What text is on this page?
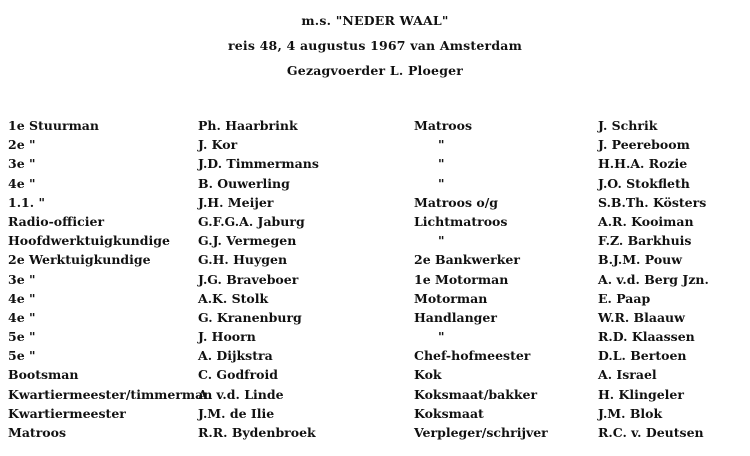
m.s. "NEDER WAAL"
reis 48, 4 augustus 1967 van Amsterdam
Gezagvoerder L. Ploeger
1e Stuurman
2e "
3e "
4e "
1.1. "
Radio-officier
Hoofdwerktuigkundige
2e Werktuigkundige
3e "
4e "
4e "
5e "
5e "
Bootsman
Kwartiermeester/timmerman
Kwartiermeester
Matroos
Ph. Haarbrink
J. Kor
J.D. Timmermans
B. Ouwerling
J.H. Meijer
G.F.G.A. Jaburg
G.J. Vermegen
G.H. Huygen
J.G. Braveboer
A.K. Stolk
G. Kranenburg
J. Hoorn
A. Dijkstra
C. Godfroid
A. v.d. Linde
J.M. de Ilie
R.R. Bydenbroek
Matroos
"
"
"
Matroos o/g
Lichtmatroos
"
2e Bankwerker
1e Motorman
Motorman
Handlanger
"
Chef-hofmeester
Kok
Koksmaat/bakker
Koksmaat
Verpleger/schrijver
J. Schrik
J. Peereboom
H.H.A. Rozie
J.O. Stokfleth
S.B.Th. Kösters
A.R. Kooiman
F.Z. Barkhuis
B.J.M. Pouw
A. v.d. Berg Jzn.
E. Paap
W.R. Blaauw
R.D. Klaassen
D.L. Bertoen
A. Israel
H. Klingeler
J.M. Blok
R.C. v. Deutsen
